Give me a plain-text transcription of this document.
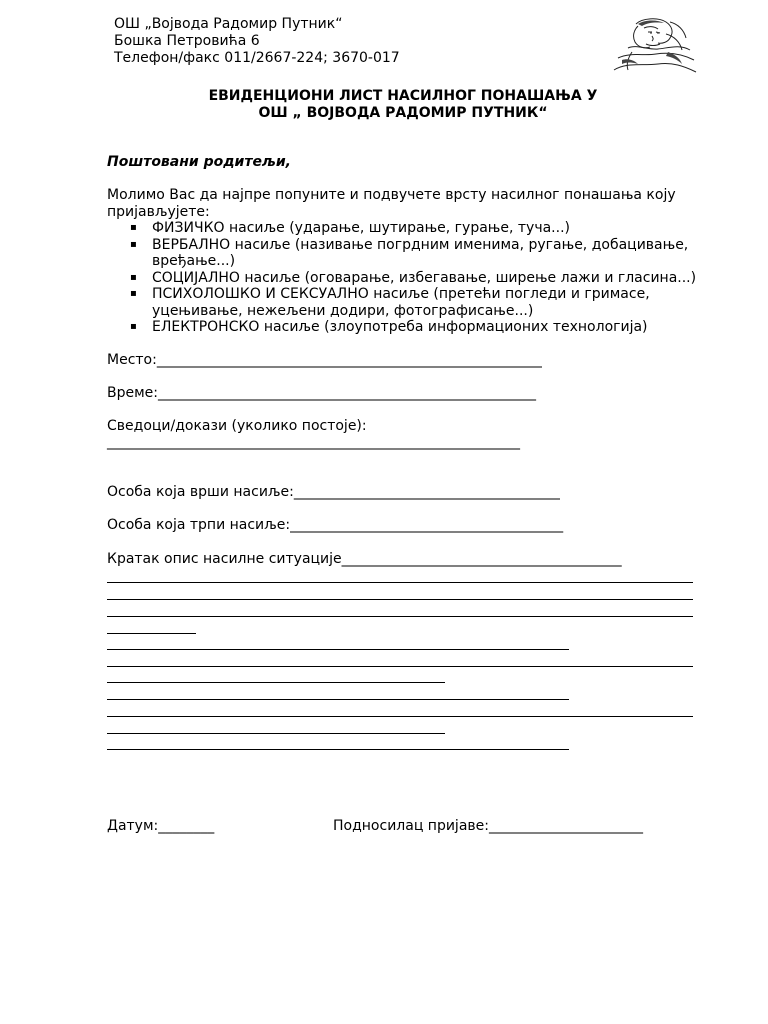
ОШ „Војвода Радомир Путник“
Бошка Петровића 6
Телефон/факс 011/2667-224; 3670-017
ЕВИДЕНЦИОНИ ЛИСТ НАСИЛНОГ ПОНАШАЊА У
ОШ „ ВОЈВОДА РАДОМИР ПУТНИК“
Поштовани родитељи,
Молимо Вас да најпре попуните и подвучете врсту насилног понашања коју
пријављујете:
▪ ФИЗИЧКО насиље (ударање, шутирање, гурање, туча...)
▪ ВЕРБАЛНО насиље (називање погрдним именима, ругање, добацивање,
вређање...)
▪ СОЦИЈАЛНО насиље (оговарање, избегавање, ширење лажи и гласина...)
▪ ПСИХОЛОШКО И СЕКСУАЛНО насиље (претећи погледи и гримасе,
уцењивање, нежељени додири, фотографисање...)
▪ ЕЛЕКТРОНСКО насиље (злоупотреба информационих технологија)
Место:_______________________________________________________
Време:______________________________________________________
Сведоци/докази (уколико постоје):
___________________________________________________________
Особа која врши насиље:______________________________________
Особа која трпи насиље:_______________________________________
Кратак опис насилне ситуације________________________________________
Датум:________	Подносилац пријаве:______________________
